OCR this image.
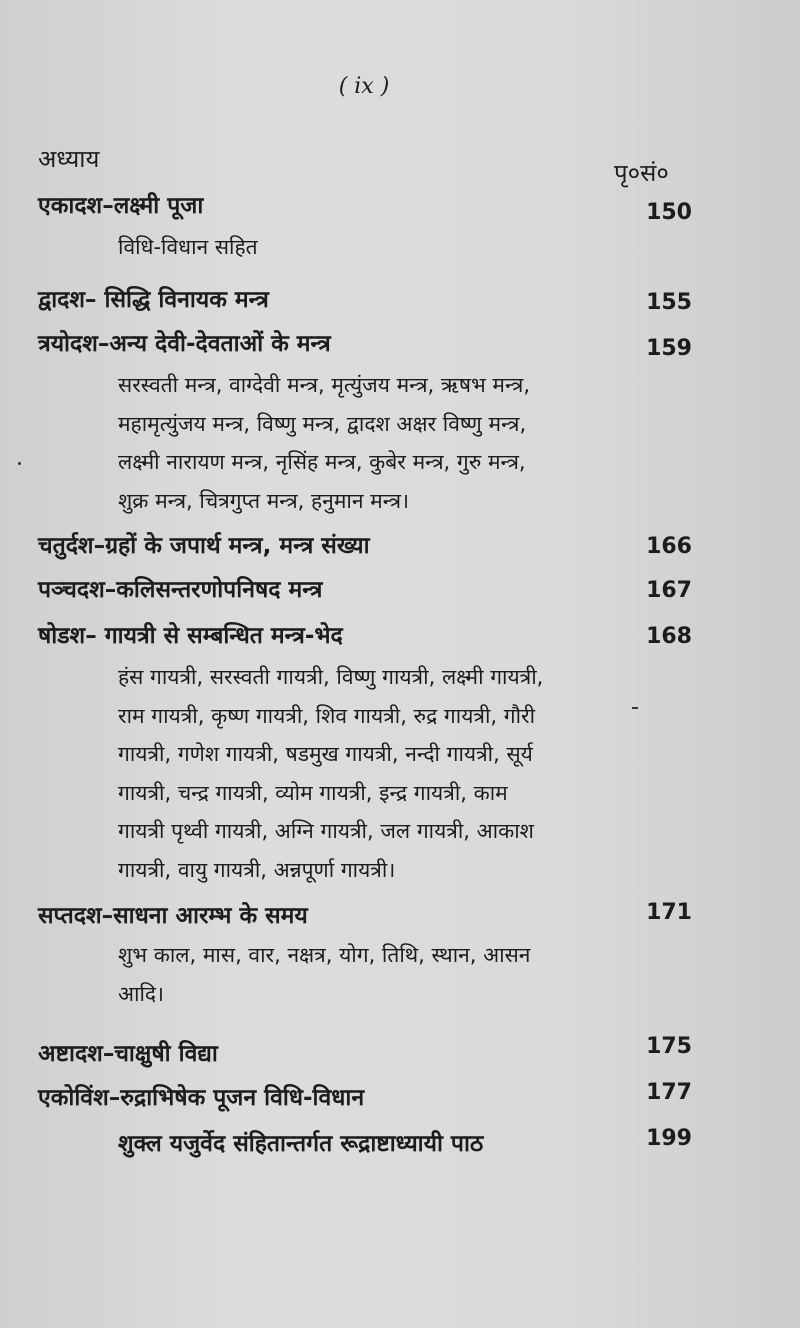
( ix )
अध्याय	पृ०सं०
एकादश–लक्ष्मी पूजा	150

विधि-विधान सहित

द्वादश– सिद्धि विनायक मन्त्र	155
त्रयोदश–अन्य देवी-देवताओं के मन्त्र	159

सरस्वती मन्त्र, वाग्देवी मन्त्र, मृत्युंजय मन्त्र, ऋषभ मन्त्र,

महामृत्युंजय मन्त्र, विष्णु मन्त्र, द्वादश अक्षर विष्णु मन्त्र,

लक्ष्मी नारायण मन्त्र, नृसिंह मन्त्र, कुबेर मन्त्र, गुरु मन्त्र,

शुक्र मन्त्र, चित्रगुप्त मन्त्र, हनुमान मन्त्र।

चतुर्दश–ग्रहों के जपार्थ मन्त्र, मन्त्र संख्या	166
पञ्चदश–कलिसन्तरणोपनिषद मन्त्र	167
षोडश– गायत्री से सम्बन्धित मन्त्र-भेद	168

हंस गायत्री, सरस्वती गायत्री, विष्णु गायत्री, लक्ष्मी गायत्री,

राम गायत्री, कृष्ण गायत्री, शिव गायत्री, रुद्र गायत्री, गौरी

गायत्री, गणेश गायत्री, षडमुख गायत्री, नन्दी गायत्री, सूर्य

गायत्री, चन्द्र गायत्री, व्योम गायत्री, इन्द्र गायत्री, काम

गायत्री पृथ्वी गायत्री, अग्नि गायत्री, जल गायत्री, आकाश

गायत्री, वायु गायत्री, अन्नपूर्णा गायत्री।

सप्तदश–साधना आरम्भ के समय	171

शुभ काल, मास, वार, नक्षत्र, योग, तिथि, स्थान, आसन

आदि।

अष्टादश–चाक्षुषी विद्या	175
एकोविंश–रुद्राभिषेक पूजन विधि-विधान	177
शुक्ल यजुर्वेद संहितान्तर्गत रूद्राष्टाध्यायी पाठ	199
